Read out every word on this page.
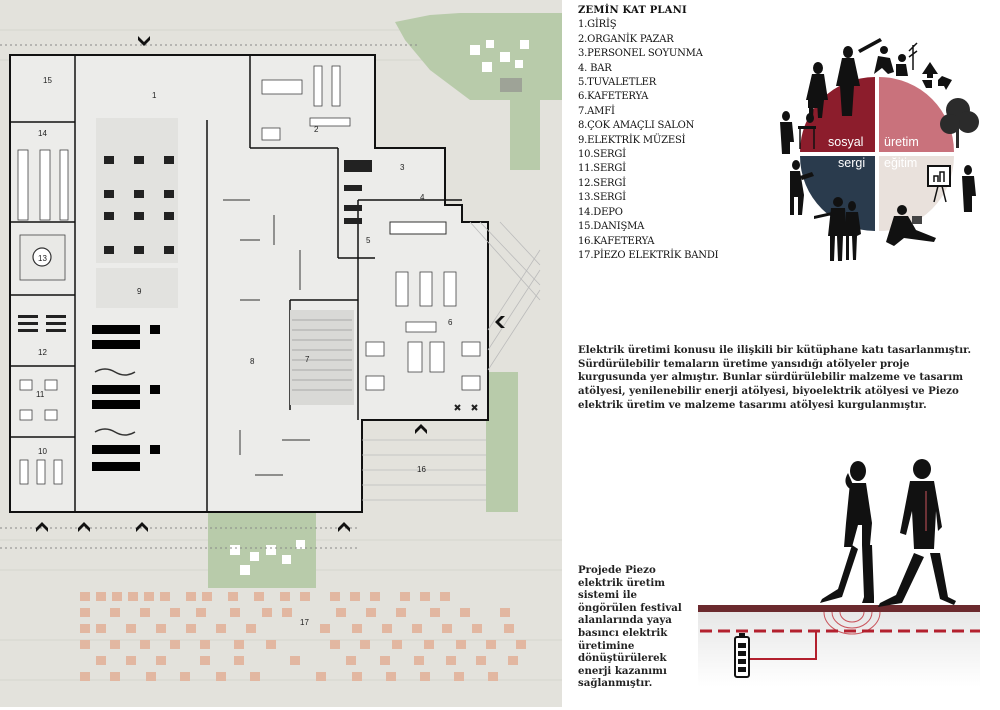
1
2
3
4
5
6
7
8
9
10
11
12
13
14
15
16
17
ZEMİN KAT PLANI
1.GİRİŞ
2.ORGANİK PAZAR
3.PERSONEL SOYUNMA
4. BAR
5.TUVALETLER
6.KAFETERYA
7.AMFİ
8.ÇOK AMAÇLI SALON
9.ELEKTRİK MÜZESİ
10.SERGİ
11.SERGİ
12.SERGİ
13.SERGİ
14.DEPO
15.DANIŞMA
16.KAFETERYA
17.PİEZO ELEKTRİK BANDI
sosyal üretim
sergi eğitim
Elektrik üretimi konusu ile ilişkili bir kütüphane katı tasarlanmıştır. Sürdürülebilir temaların üretime yansıdığı atölyeler proje kurgusunda yer almıştır. Bunlar sürdürülebilir malzeme ve tasarım atölyesi, yenilenebilir enerji atölyesi, biyoelektrik atölyesi ve Piezo elektrik üretim ve malzeme tasarımı atölyesi kurgulanmıştır.
Projede Piezo elektrik üretim sistemi ile öngörülen festival alanlarında yaya basıncı elektrik üretimine dönüştürülerek enerji kazanımı sağlanmıştır.
